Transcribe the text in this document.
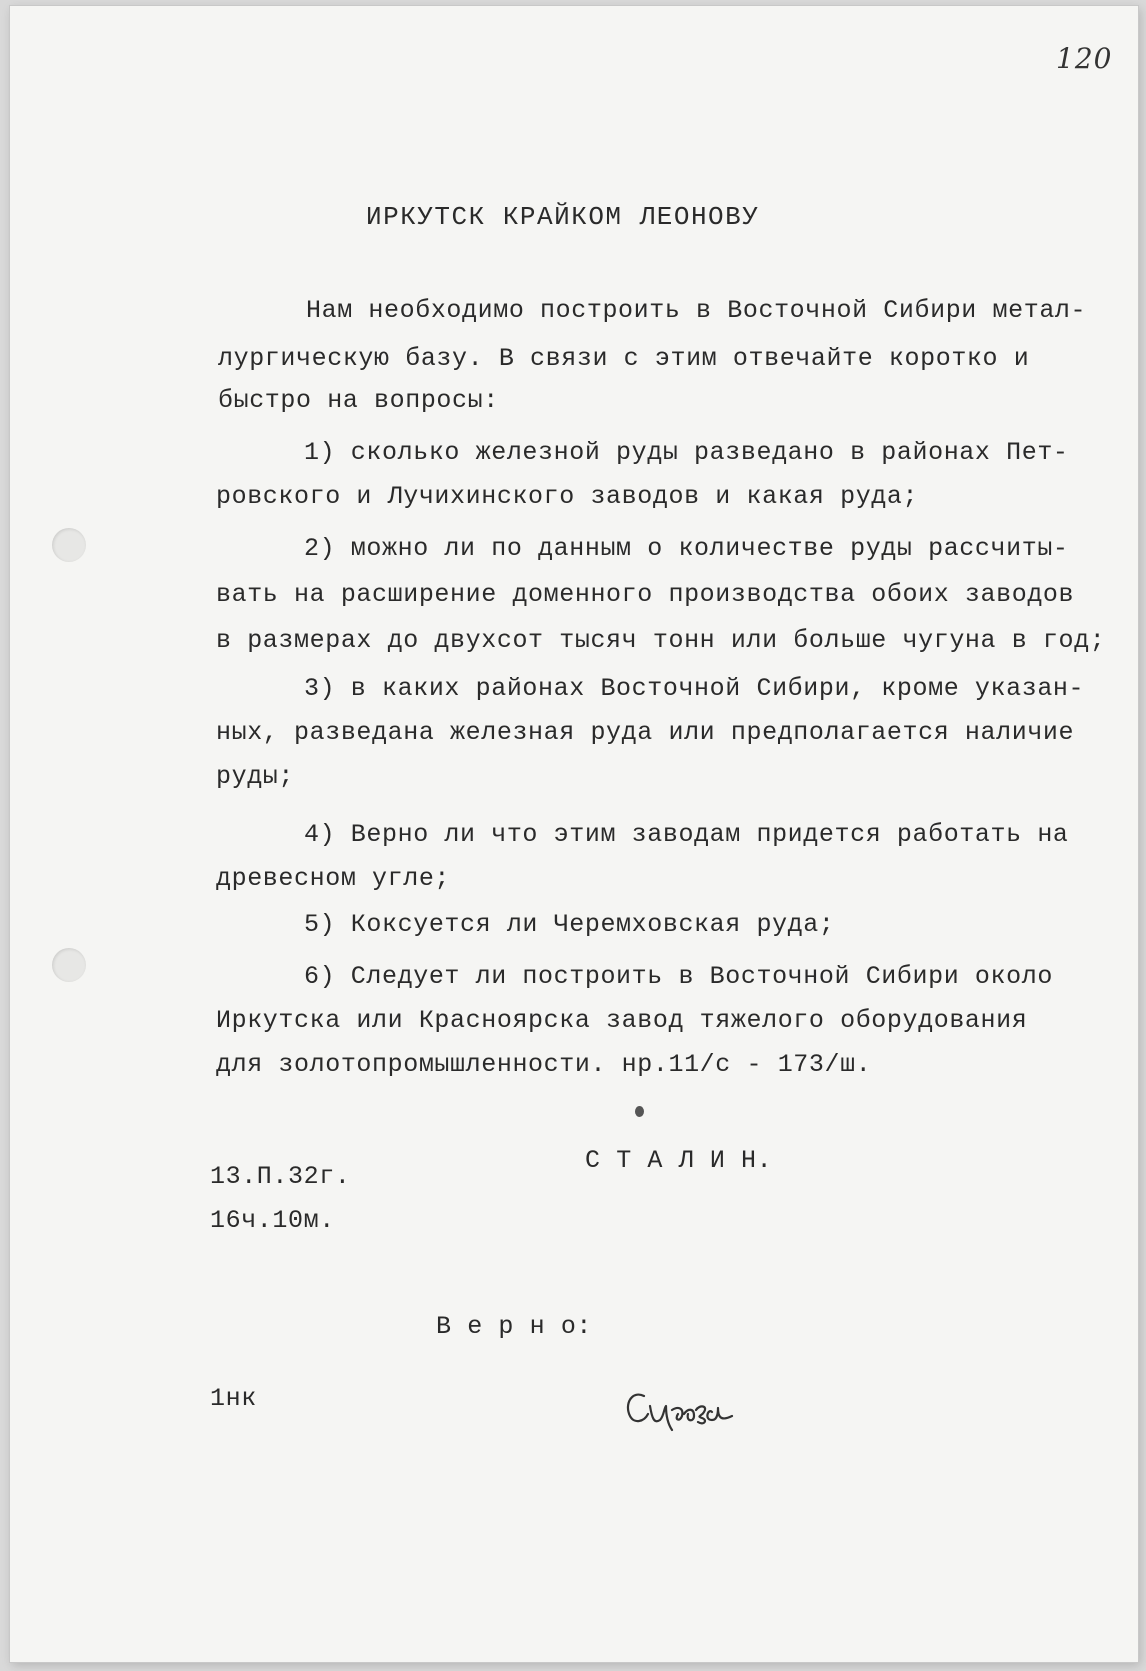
120
ИРКУТСК КРАЙКОМ ЛЕОНОВУ
Нам необходимо построить в Восточной Сибири метал-
лургическую базу. В связи с этим отвечайте коротко и
быстро на вопросы:
1) сколько железной руды разведано в районах Пет-
ровского и Лучихинского заводов и какая руда;
2) можно ли по данным о количестве руды рассчиты-
вать на расширение доменного производства обоих заводов
в размерах до двухсот тысяч тонн или больше чугуна в год;
3) в каких районах Восточной Сибири, кроме указан-
ных, разведана железная руда или предполагается наличие
руды;
4) Верно ли что этим заводам придется работать на
древесном угле;
5) Коксуется ли Черемховская руда;
6) Следует ли построить в Восточной Сибири около
Иркутска или Красноярска завод тяжелого оборудования
для золотопромышленности. нр.11/с - 173/ш.
С Т А Л И Н.
13.П.32г.
16ч.10м.
В е р н о:
1нк
